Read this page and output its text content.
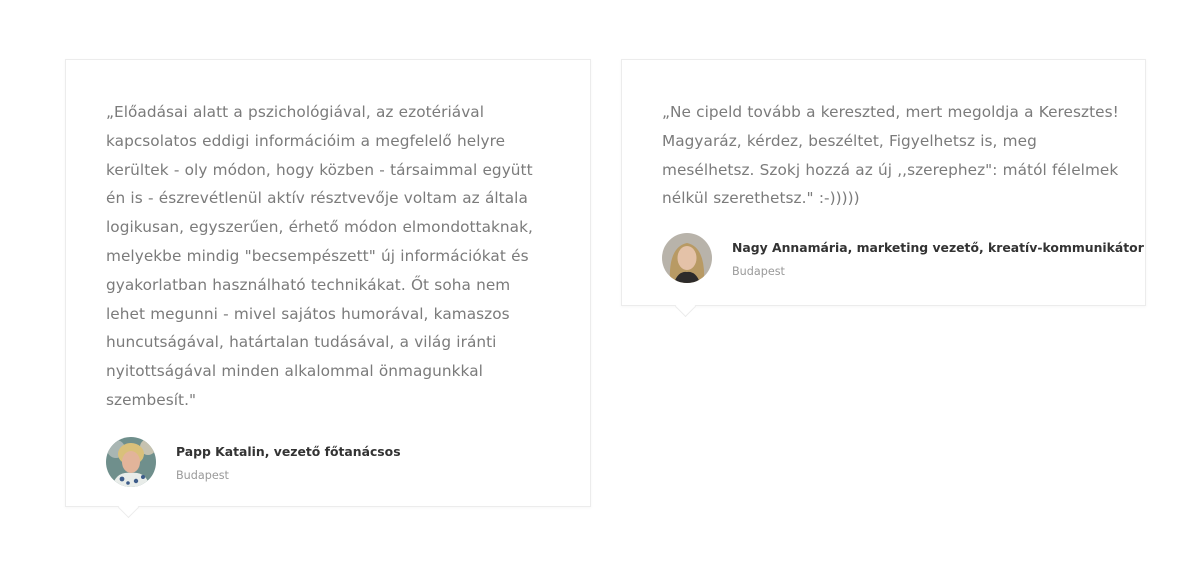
„Előadásai alatt a pszichológiával, az ezotériával kapcsolatos eddigi információim a megfelelő helyre kerültek - oly módon, hogy közben - társaimmal együtt én is - észrevétlenül aktív résztvevője voltam az általa logikusan, egyszerűen, érhető módon elmondottaknak, melyekbe mindig "becsempészett" új információkat és gyakorlatban használható technikákat. Őt soha nem lehet megunni - mivel sajátos humorával, kamaszos huncutságával, határtalan tudásával, a világ iránti nyitottságával minden alkalommal önmagunkkal szembesít."

Papp Katalin, vezető főtanácsos
Budapest

„Ne cipeld tovább a kereszted, mert megoldja a Keresztes! Magyaráz, kérdez, beszéltet, Figyelhetsz is, meg mesélhetsz. Szokj hozzá az új ,,szerephez": mától félelmek nélkül szerethetsz." :-)))))

Nagy Annamária, marketing vezető, kreatív-kommunikátor
Budapest
